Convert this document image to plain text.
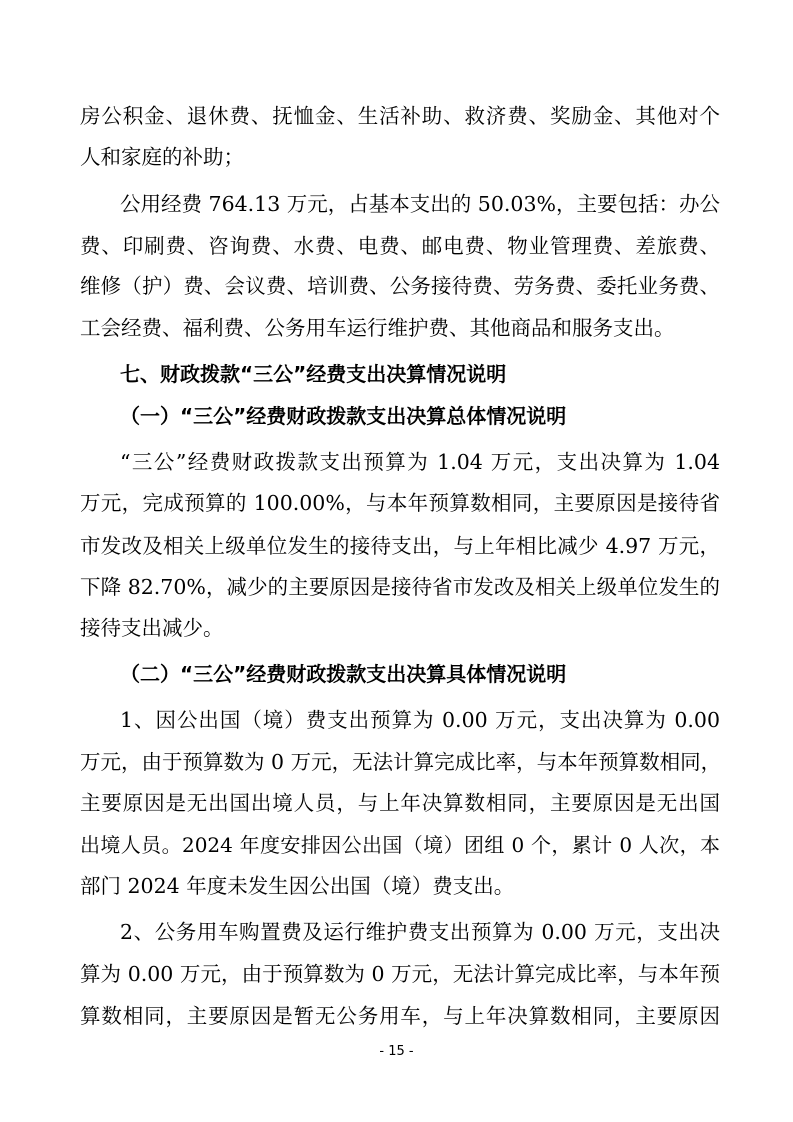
房公积金、退休费、抚恤金、生活补助、救济费、奖励金、其他对个
人和家庭的补助；
公用经费 764.13 万元，占基本支出的 50.03%，主要包括：办公
费、印刷费、咨询费、水费、电费、邮电费、物业管理费、差旅费、
维修（护）费、会议费、培训费、公务接待费、劳务费、委托业务费、
工会经费、福利费、公务用车运行维护费、其他商品和服务支出。
七、财政拨款“三公”经费支出决算情况说明
（一）“三公”经费财政拨款支出决算总体情况说明
“三公”经费财政拨款支出预算为 1.04 万元，支出决算为 1.04
万元，完成预算的 100.00%，与本年预算数相同，主要原因是接待省
市发改及相关上级单位发生的接待支出，与上年相比减少 4.97 万元，
下降 82.70%，减少的主要原因是接待省市发改及相关上级单位发生的
接待支出减少。
（二）“三公”经费财政拨款支出决算具体情况说明
1、因公出国（境）费支出预算为 0.00 万元，支出决算为 0.00
万元，由于预算数为 0 万元，无法计算完成比率，与本年预算数相同，
主要原因是无出国出境人员，与上年决算数相同，主要原因是无出国
出境人员。2024 年度安排因公出国（境）团组 0 个，累计 0 人次，本
部门 2024 年度未发生因公出国（境）费支出。
2、公务用车购置费及运行维护费支出预算为 0.00 万元，支出决
算为 0.00 万元，由于预算数为 0 万元，无法计算完成比率，与本年预
算数相同，主要原因是暂无公务用车，与上年决算数相同，主要原因
- 15 -
